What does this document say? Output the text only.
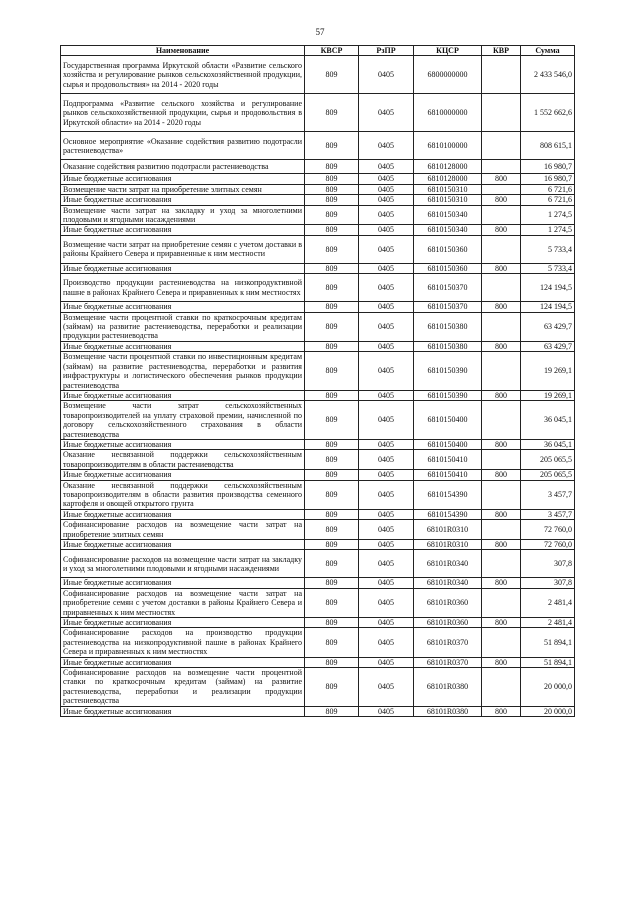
57
Наименование	КВСР	РзПР	КЦСР	КВР	Сумма
Государственная программа Иркутской области «Развитие сельского хозяйства и регулирование рынков сельскохозяйственной продукции, сырья и продовольствия» на 2014 - 2020 годы	809	0405	6800000000		2 433 546,0
Подпрограмма «Развитие сельского хозяйства и регулирование рынков сельскохозяйственной продукции, сырья и продовольствия в Иркутской области» на 2014 - 2020 годы	809	0405	6810000000		1 552 662,6
Основное мероприятие «Оказание содействия развитию подотрасли растениеводства»	809	0405	6810100000		808 615,1
Оказание содействия развитию подотрасли растениеводства	809	0405	6810128000		16 980,7
Иные бюджетные ассигнования	809	0405	6810128000	800	16 980,7
Возмещение части затрат на приобретение элитных семян	809	0405	6810150310		6 721,6
Иные бюджетные ассигнования	809	0405	6810150310	800	6 721,6
Возмещение части затрат на закладку и уход за многолетними плодовыми и ягодными насаждениями	809	0405	6810150340		1 274,5
Иные бюджетные ассигнования	809	0405	6810150340	800	1 274,5
Возмещение части затрат на приобретение семян с учетом доставки в районы Крайнего Севера и приравненные к ним местности	809	0405	6810150360		5 733,4
Иные бюджетные ассигнования	809	0405	6810150360	800	5 733,4
Производство продукции растениеводства на низкопродуктивной пашне в районах Крайнего Севера и приравненных к ним местностях	809	0405	6810150370		124 194,5
Иные бюджетные ассигнования	809	0405	6810150370	800	124 194,5
Возмещение части процентной ставки по краткосрочным кредитам (займам) на развитие растениеводства, переработки и реализации продукции растениеводства	809	0405	6810150380		63 429,7
Иные бюджетные ассигнования	809	0405	6810150380	800	63 429,7
Возмещение части процентной ставки по инвестиционным кредитам (займам) на развитие растениеводства, переработки и развития инфраструктуры и логистического обеспечения рынков продукции растениеводства	809	0405	6810150390		19 269,1
Иные бюджетные ассигнования	809	0405	6810150390	800	19 269,1
Возмещение части затрат сельскохозяйственных товаропроизводителей на уплату страховой премии, начисленной по договору сельскохозяйственного страхования в области растениеводства	809	0405	6810150400		36 045,1
Иные бюджетные ассигнования	809	0405	6810150400	800	36 045,1
Оказание несвязанной поддержки сельскохозяйственным товаропроизводителям в области растениеводства	809	0405	6810150410		205 065,5
Иные бюджетные ассигнования	809	0405	6810150410	800	205 065,5
Оказание несвязанной поддержки сельскохозяйственным товаропроизводителям в области развития производства семенного картофеля и овощей открытого грунта	809	0405	6810154390		3 457,7
Иные бюджетные ассигнования	809	0405	6810154390	800	3 457,7
Софинансирование расходов на возмещение части затрат на приобретение элитных семян	809	0405	68101R0310		72 760,0
Иные бюджетные ассигнования	809	0405	68101R0310	800	72 760,0
Софинансирование расходов на возмещение части затрат на закладку и уход за многолетними плодовыми и ягодными насаждениями	809	0405	68101R0340		307,8
Иные бюджетные ассигнования	809	0405	68101R0340	800	307,8
Софинансирование расходов на возмещение части затрат на приобретение семян с учетом доставки в районы Крайнего Севера и приравненных к ним местностях	809	0405	68101R0360		2 481,4
Иные бюджетные ассигнования	809	0405	68101R0360	800	2 481,4
Софинансирование расходов на производство продукции растениеводства на низкопродуктивной пашне в районах Крайнего Севера и приравненных к ним местностях	809	0405	68101R0370		51 894,1
Иные бюджетные ассигнования	809	0405	68101R0370	800	51 894,1
Софинансирование расходов на возмещение части процентной ставки по краткосрочным кредитам (займам) на развитие растениеводства, переработки и реализации продукции растениеводства	809	0405	68101R0380		20 000,0
Иные бюджетные ассигнования	809	0405	68101R0380	800	20 000,0
